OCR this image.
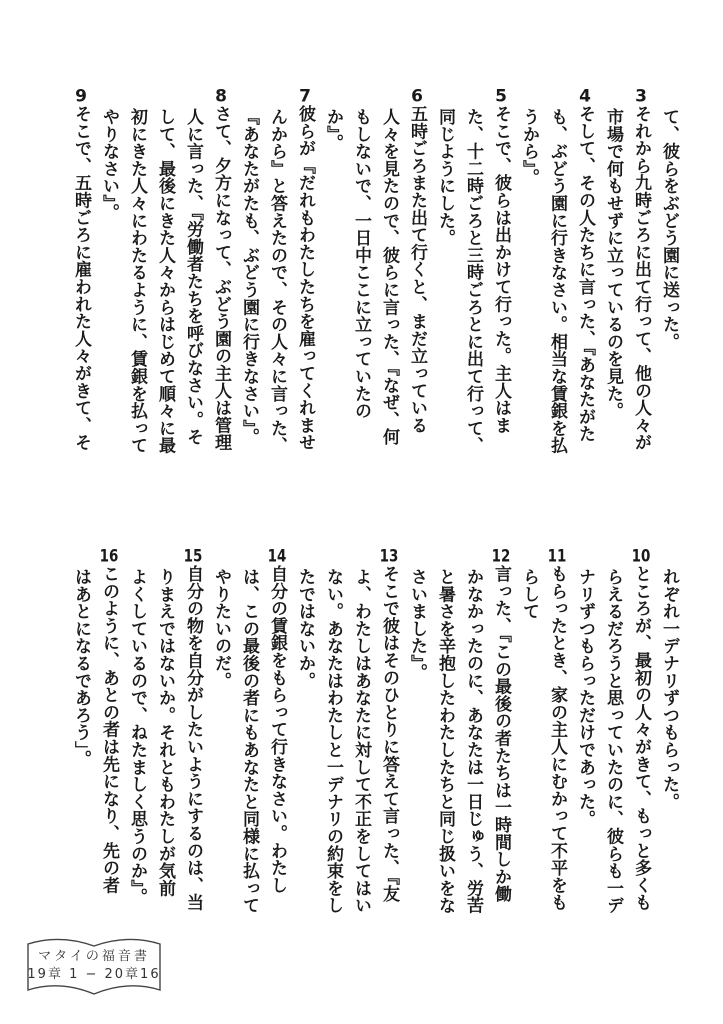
て、彼らをぶどう園に送った。
3それから九時ごろに出て行って、他の人々が
市場で何もせずに立っているのを見た。
4そして、その人たちに言った、『あなたがた
も、ぶどう園に行きなさい。相当な賃銀を払
うから』。
5そこで、彼らは出かけて行った。主人はま
た、十二時ごろと三時ごろとに出て行って、
同じようにした。
6五時ごろまた出て行くと、まだ立っている
人々を見たので、彼らに言った、『なぜ、何
もしないで、一日中ここに立っていたの
か』。
7彼らが『だれもわたしたちを雇ってくれませ
んから』と答えたので、その人々に言った、
『あなたがたも、ぶどう園に行きなさい』。
8さて、夕方になって、ぶどう園の主人は管理
人に言った、『労働者たちを呼びなさい。そ
して、最後にきた人々からはじめて順々に最
初にきた人々にわたるように、賃銀を払って
やりなさい』。
9そこで、五時ごろに雇われた人々がきて、そ
れぞれ一デナリずつもらった。
10ところが、最初の人々がきて、もっと多くも
らえるだろうと思っていたのに、彼らも一デ
ナリずつもらっただけであった。
11もらったとき、家の主人にむかって不平をも
らして
12言った、『この最後の者たちは一時間しか働
かなかったのに、あなたは一日じゅう、労苦
と暑さを辛抱したわたしたちと同じ扱いをな
さいました』。
13そこで彼はそのひとりに答えて言った、『友
よ、わたしはあなたに対して不正をしてはい
ない。あなたはわたしと一デナリの約束をし
たではないか。
14自分の賃銀をもらって行きなさい。わたし
は、この最後の者にもあなたと同様に払って
やりたいのだ。
15自分の物を自分がしたいようにするのは、当
りまえではないか。それともわたしが気前
よくしているので、ねたましく思うのか』。
16このように、あとの者は先になり、先の者
はあとになるであろう」。
マタイの福音書
19章 1 − 20章16
